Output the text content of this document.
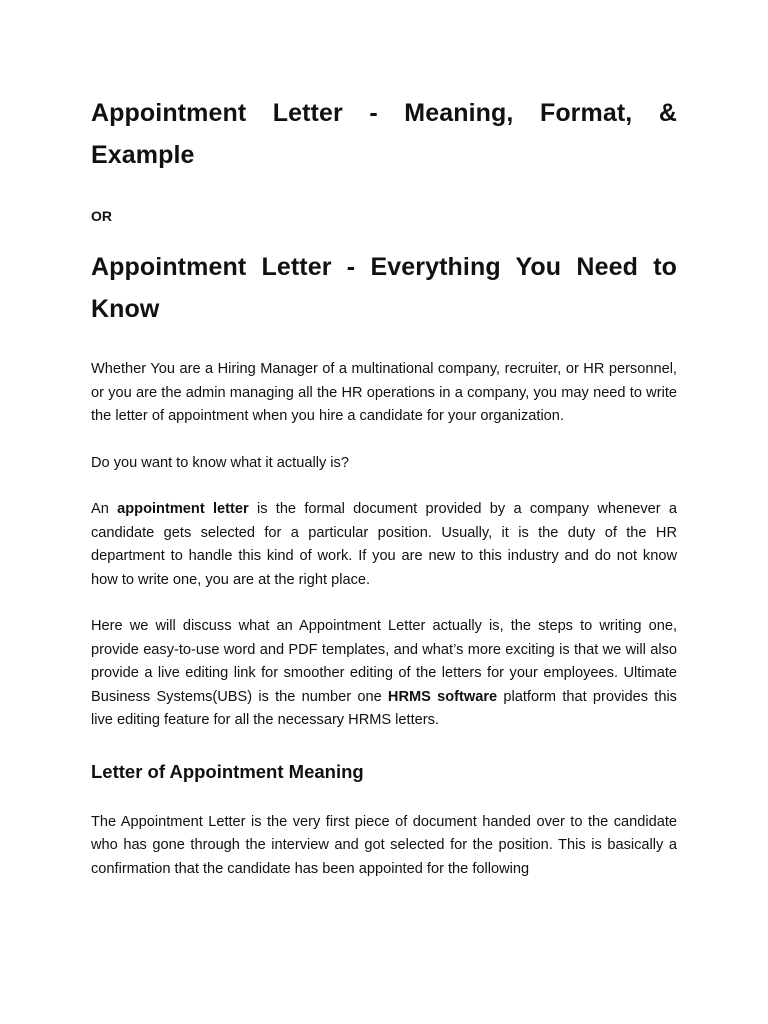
Appointment Letter - Meaning, Format, & Example

OR

Appointment Letter - Everything You Need to Know

Whether You are a Hiring Manager of a multinational company, recruiter, or HR personnel, or you are the admin managing all the HR operations in a company, you may need to write the letter of appointment when you hire a candidate for your organization.

Do you want to know what it actually is?

An appointment letter is the formal document provided by a company whenever a candidate gets selected for a particular position. Usually, it is the duty of the HR department to handle this kind of work. If you are new to this industry and do not know how to write one, you are at the right place.

Here we will discuss what an Appointment Letter actually is, the steps to writing one, provide easy-to-use word and PDF templates, and what’s more exciting is that we will also provide a live editing link for smoother editing of the letters for your employees. Ultimate Business Systems(UBS) is the number one HRMS software platform that provides this live editing feature for all the necessary HRMS letters.

Letter of Appointment Meaning

The Appointment Letter is the very first piece of document handed over to the candidate who has gone through the interview and got selected for the position. This is basically a confirmation that the candidate has been appointed for the following
